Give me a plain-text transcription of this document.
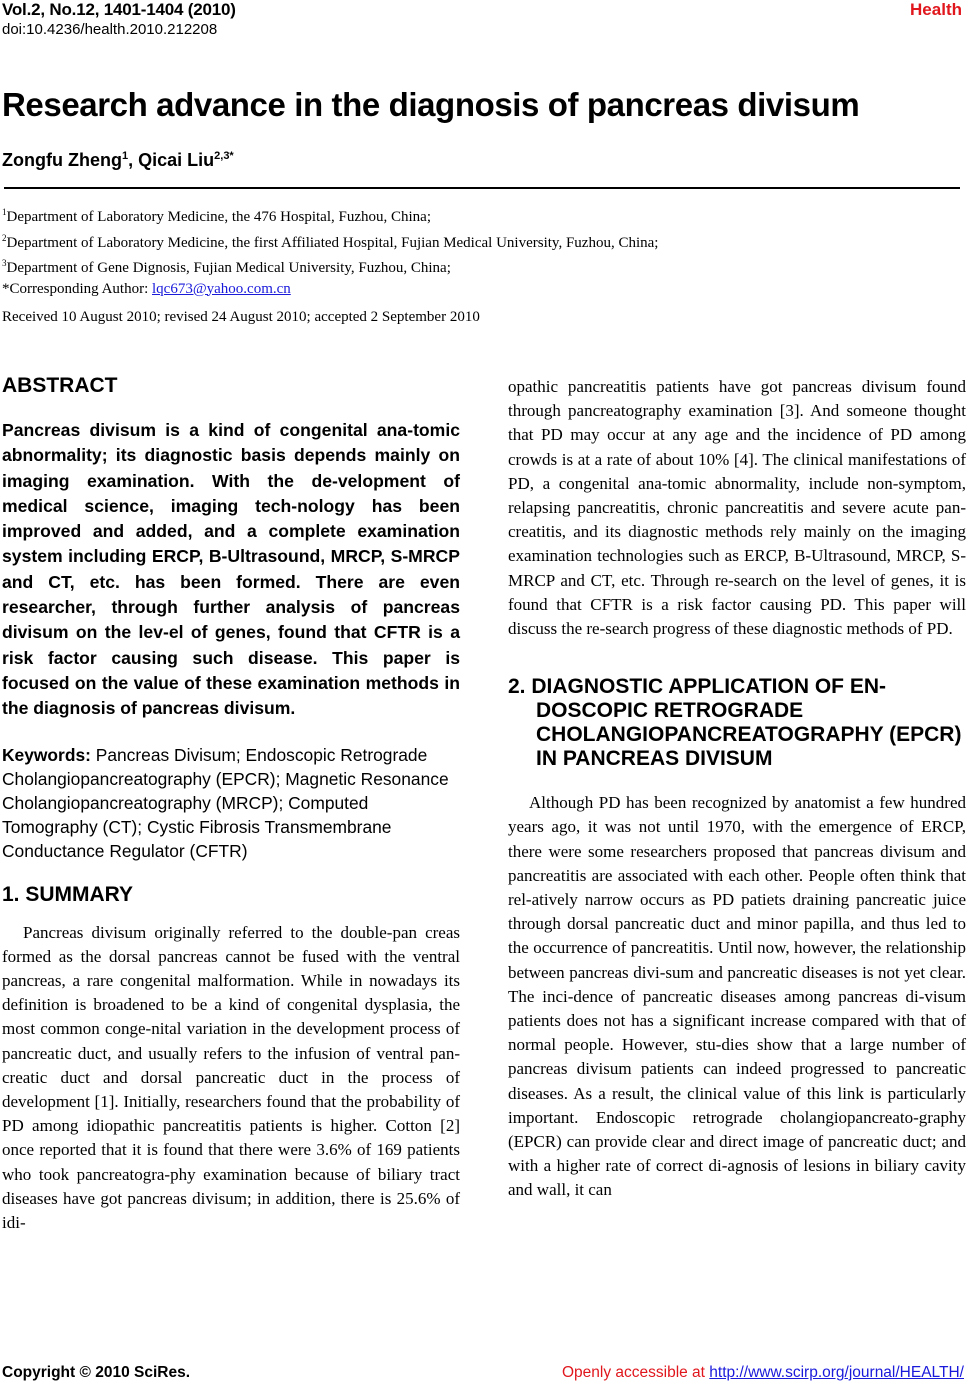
Vol.2, No.12, 1401-1404 (2010)
doi:10.4236/health.2010.212208
Health
Research advance in the diagnosis of pancreas divisum
Zongfu Zheng$^1$, Qicai Liu$^{2,3*}$
$^1$Department of Laboratory Medicine, the 476 Hospital, Fuzhou, China;
$^2$Department of Laboratory Medicine, the first Affiliated Hospital, Fujian Medical University, Fuzhou, China;
$^3$Department of Gene Dignosis, Fujian Medical University, Fuzhou, China;
*Corresponding Author: lqc673@yahoo.com.cn
Received 10 August 2010; revised 24 August 2010; accepted 2 September 2010
ABSTRACT

Pancreas divisum is a kind of congenital ana-tomic abnormality; its diagnostic basis depends mainly on imaging examination. With the de-velopment of medical science, imaging tech-nology has been improved and added, and a complete examination system including ERCP, B-Ultrasound, MRCP, S-MRCP and CT, etc. has been formed. There are even researcher, through further analysis of pancreas divisum on the lev-el of genes, found that CFTR is a risk factor causing such disease. This paper is focused on the value of these examination methods in the diagnosis of pancreas divisum.

Keywords: Pancreas Divisum; Endoscopic Retrograde Cholangiopancreatography (EPCR); Magnetic Resonance Cholangiopancreatography (MRCP); Computed Tomography (CT); Cystic Fibrosis Transmembrane Conductance Regulator (CFTR)

1. SUMMARY

Pancreas divisum originally referred to the double-pan creas formed as the dorsal pancreas cannot be fused with the ventral pancreas, a rare congenital malformation. While in nowadays its definition is broadened to be a kind of congenital dysplasia, the most common conge-nital variation in the development process of pancreatic duct, and usually refers to the infusion of ventral pan-creatic duct and dorsal pancreatic duct in the process of development [1]. Initially, researchers found that the probability of PD among idiopathic pancreatitis patients is higher. Cotton [2] once reported that it is found that there were 3.6% of 169 patients who took pancreatogra-phy examination because of biliary tract diseases have got pancreas divisum; in addition, there is 25.6% of idi-

opathic pancreatitis patients have got pancreas divisum found through pancreatography examination [3]. And someone thought that PD may occur at any age and the incidence of PD among crowds is at a rate of about 10% [4]. The clinical manifestations of PD, a congenital ana-tomic abnormality, include non-symptom, relapsing pancreatitis, chronic pancreatitis and severe acute pan-creatitis, and its diagnostic methods rely mainly on the imaging examination technologies such as ERCP, B-Ultrasound, MRCP, S-MRCP and CT, etc. Through re-search on the level of genes, it is found that CFTR is a risk factor causing PD. This paper will discuss the re-search progress of these diagnostic methods of PD.

2. DIAGNOSTIC APPLICATION OF EN-DOSCOPIC RETROGRADE CHOLANGIOPANCREATOGRAPHY (EPCR) IN PANCREAS DIVISUM

Although PD has been recognized by anatomist a few hundred years ago, it was not until 1970, with the emergence of ERCP, there were some researchers proposed that pancreas divisum and pancreatitis are associated with each other. People often think that rel-atively narrow occurs as PD patiets draining pancreatic juice through dorsal pancreatic duct and minor papilla, and thus led to the occurrence of pancreatitis. Until now, however, the relationship between pancreas divi-sum and pancreatic diseases is not yet clear. The inci-dence of pancreatic diseases among pancreas di-visum patients does not has a significant increase compared with that of normal people. However, stu-dies show that a large number of pancreas divisum patients can indeed progressed to pancreatic diseases. As a result, the clinical value of this link is particularly important. Endoscopic retrograde cholangiopancreato-graphy (EPCR) can provide clear and direct image of pancreatic duct; and with a higher rate of correct di-agnosis of lesions in biliary cavity and wall, it can

Copyright © 2010 SciRes.	Openly accessible at http://www.scirp.org/journal/HEALTH/
